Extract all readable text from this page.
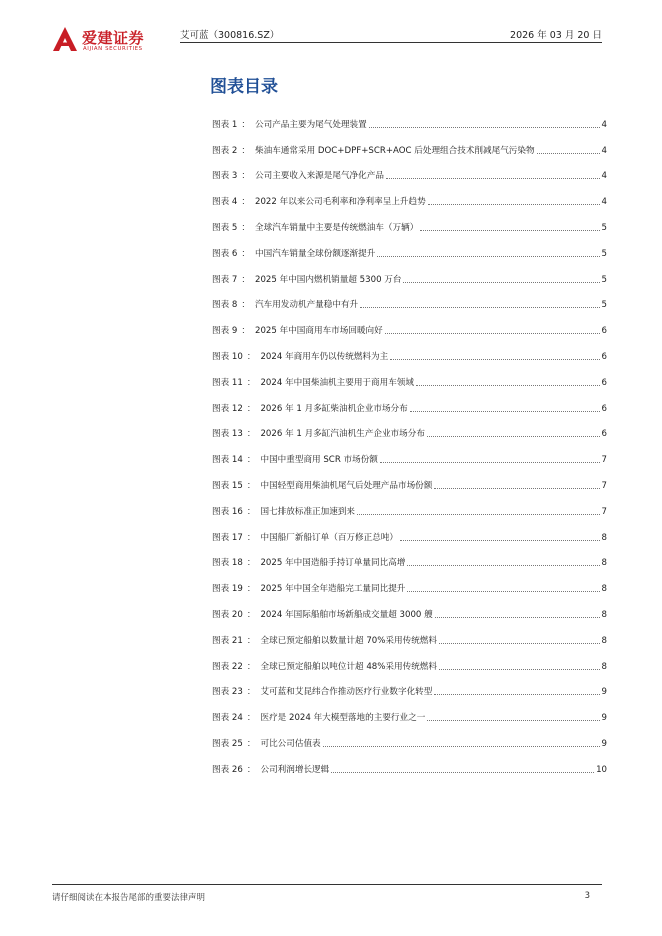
爱建证券
AIJIAN SECURITIES
艾可蓝（300816.SZ）	2026 年 03 月 20 日
图表目录
图表 1 ： 公司产品主要为尾气处理装置	4
图表 2 ： 柴油车通常采用 DOC+DPF+SCR+AOC 后处理组合技术削减尾气污染物	4
图表 3 ： 公司主要收入来源是尾气净化产品	4
图表 4 ： 2022 年以来公司毛利率和净利率呈上升趋势	4
图表 5 ： 全球汽车销量中主要是传统燃油车（万辆）	5
图表 6 ： 中国汽车销量全球份额逐渐提升	5
图表 7 ： 2025 年中国内燃机销量超 5300 万台	5
图表 8 ： 汽车用发动机产量稳中有升	5
图表 9 ： 2025 年中国商用车市场回暖向好	6
图表 10 ： 2024 年商用车仍以传统燃料为主	6
图表 11 ： 2024 年中国柴油机主要用于商用车领域	6
图表 12 ： 2026 年 1 月多缸柴油机企业市场分布	6
图表 13 ： 2026 年 1 月多缸汽油机生产企业市场分布	6
图表 14 ： 中国中重型商用 SCR 市场份额	7
图表 15 ： 中国轻型商用柴油机尾气后处理产品市场份额	7
图表 16 ： 国七排放标准正加速到来	7
图表 17 ： 中国船厂新船订单（百万修正总吨）	8
图表 18 ： 2025 年中国造船手持订单量同比高增	8
图表 19 ： 2025 年中国全年造船完工量同比提升	8
图表 20 ： 2024 年国际船舶市场新船成交量超 3000 艘	8
图表 21 ： 全球已预定船舶以数量计超 70%采用传统燃料	8
图表 22 ： 全球已预定船舶以吨位计超 48%采用传统燃料	8
图表 23 ： 艾可蓝和艾昆纬合作推动医疗行业数字化转型	9
图表 24 ： 医疗是 2024 年大模型落地的主要行业之一	9
图表 25 ： 可比公司估值表	9
图表 26 ： 公司利润增长逻辑	10
请仔细阅读在本报告尾部的重要法律声明	3
